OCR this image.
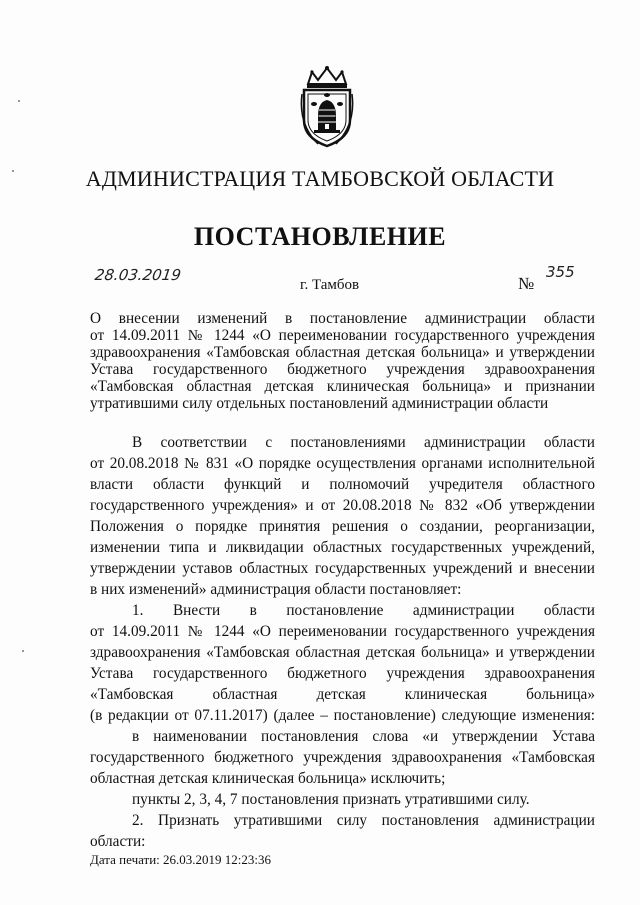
АДМИНИСТРАЦИЯ ТАМБОВСКОЙ ОБЛАСТИ
ПОСТАНОВЛЕНИЕ
28.03.2019
г. Тамбов	№
355
О внесении изменений в постановление администрации области
от 14.09.2011 № 1244 «О переименовании государственного учреждения
здравоохранения «Тамбовская областная детская больница» и утверждении
Устава государственного бюджетного учреждения здравоохранения
«Тамбовская областная детская клиническая больница» и признании
утратившими силу отдельных постановлений администрации области
В соответствии с постановлениями администрации области
от 20.08.2018 № 831 «О порядке осуществления органами исполнительной
власти области функций и полномочий учредителя областного
государственного учреждения» и от 20.08.2018 № 832 «Об утверждении
Положения о порядке принятия решения о создании, реорганизации,
изменении типа и ликвидации областных государственных учреждений,
утверждении уставов областных государственных учреждений и внесении
в них изменений» администрация области постановляет:
1. Внести в постановление администрации области
от 14.09.2011 № 1244 «О переименовании государственного учреждения
здравоохранения «Тамбовская областная детская больница» и утверждении
Устава государственного бюджетного учреждения здравоохранения
«Тамбовская областная детская клиническая больница»
(в редакции от 07.11.2017) (далее – постановление) следующие изменения:
в наименовании постановления слова «и утверждении Устава
государственного бюджетного учреждения здравоохранения «Тамбовская
областная детская клиническая больница» исключить;
пункты 2, 3, 4, 7 постановления признать утратившими силу.
2. Признать утратившими силу постановления администрации
области:
Дата печати: 26.03.2019 12:23:36
